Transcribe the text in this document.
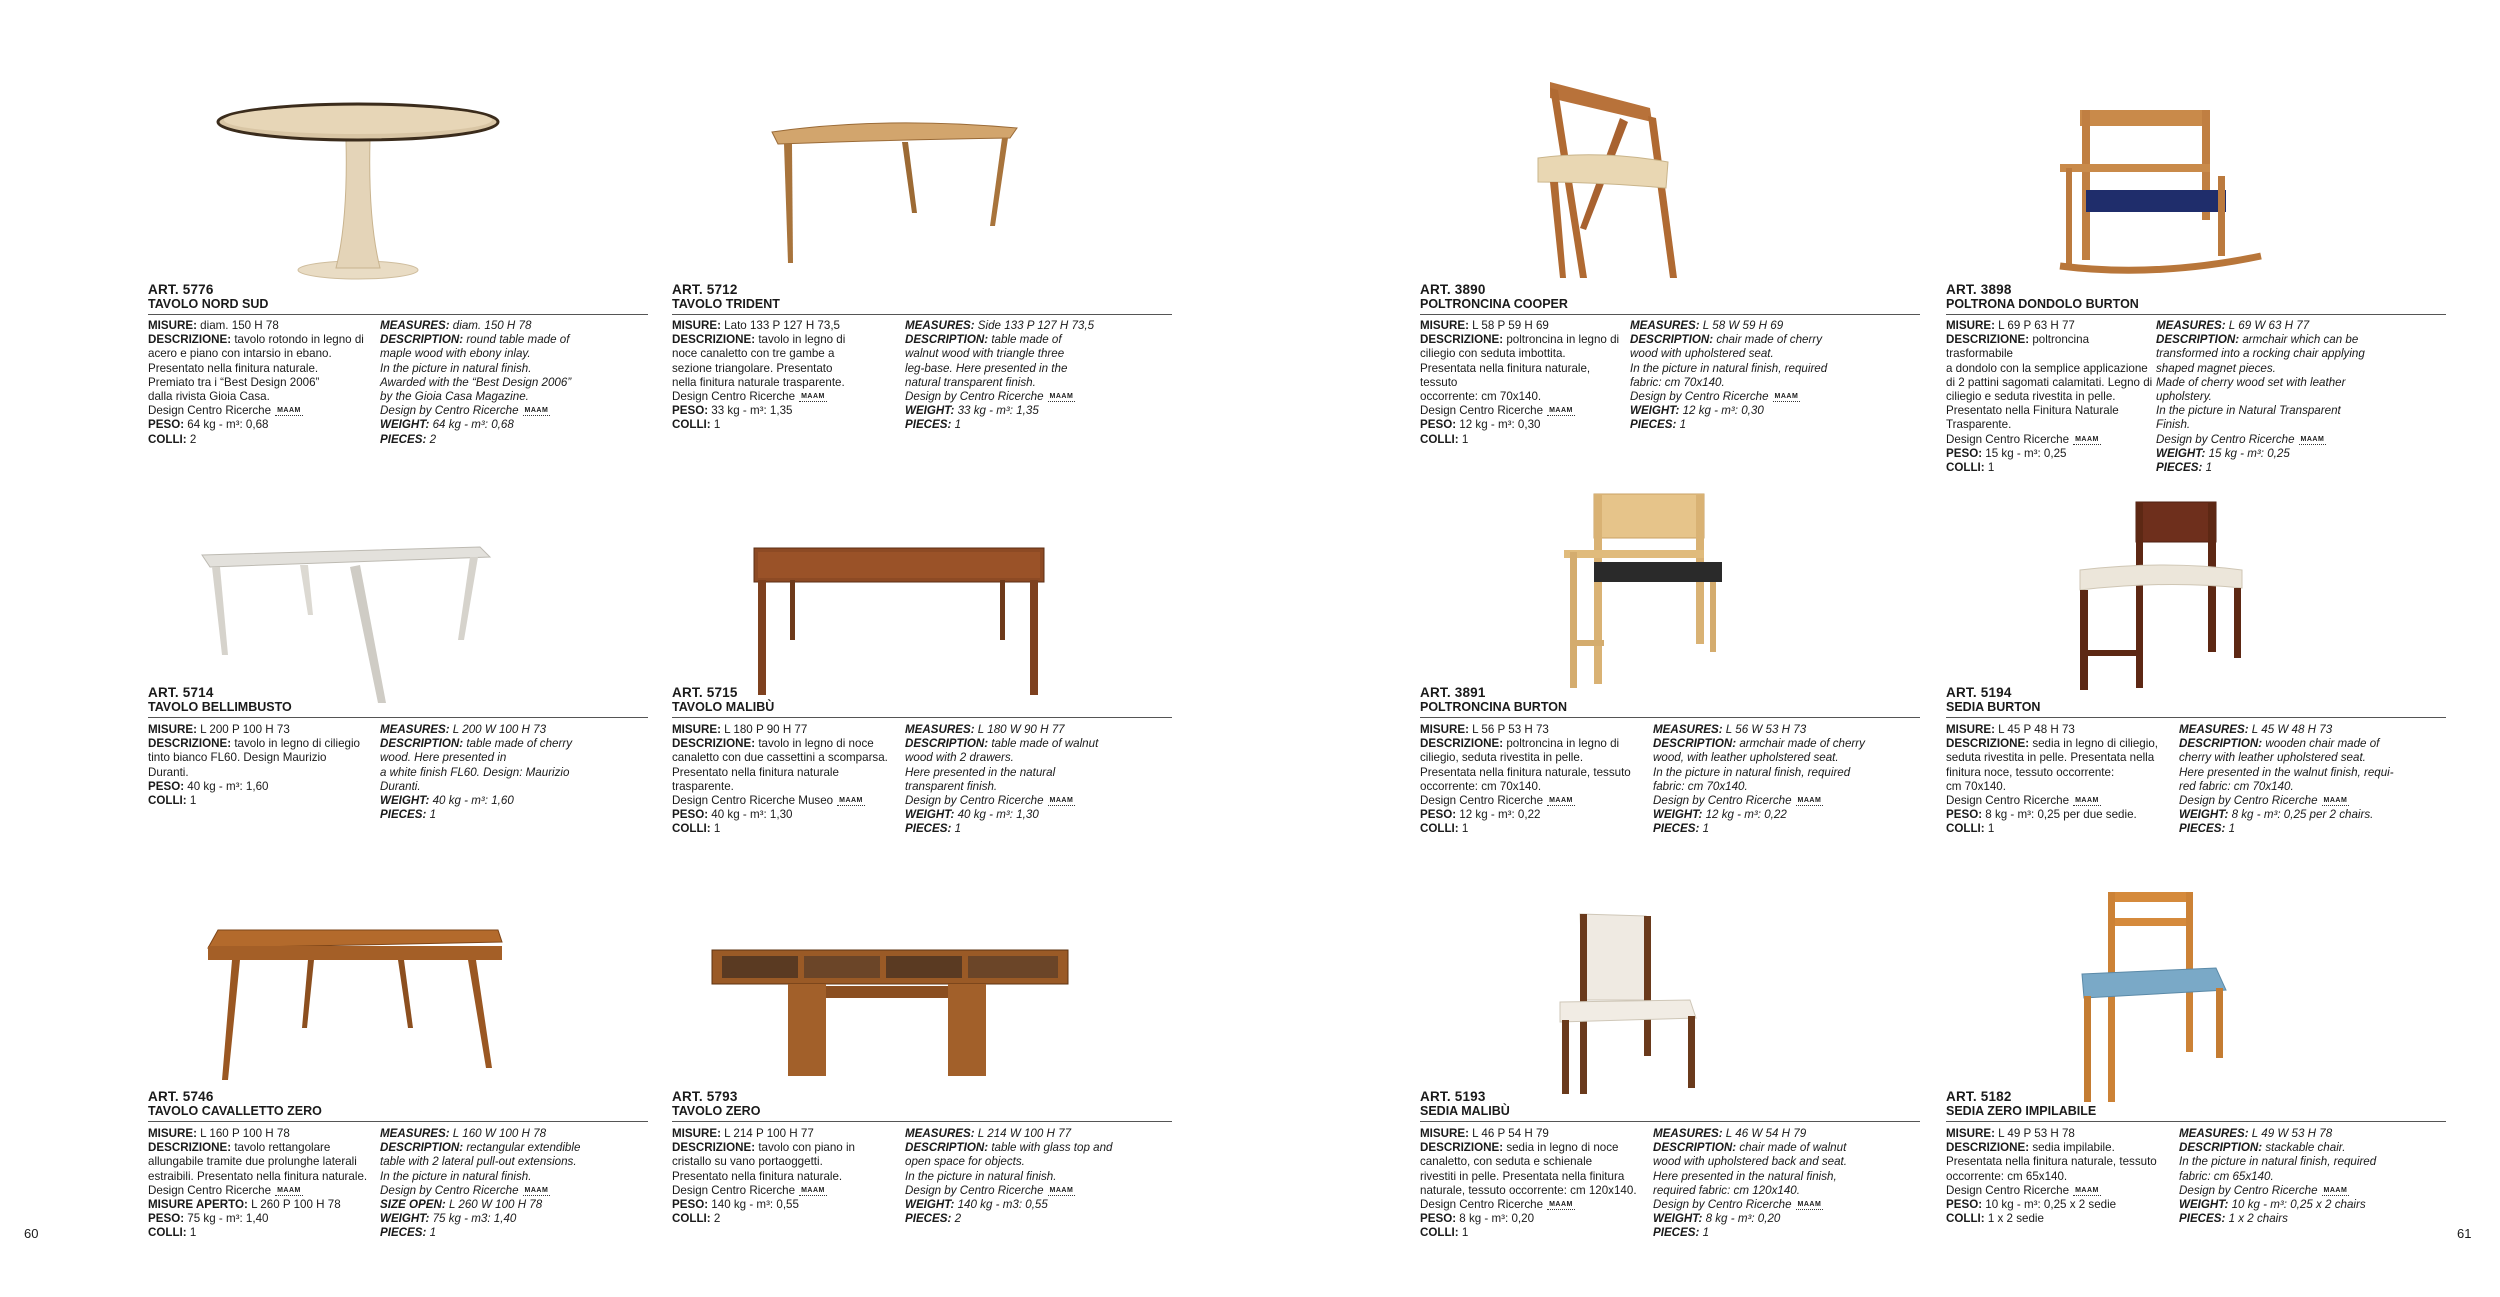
ART. 5776
TAVOLO NORD SUD
MISURE: diam. 150 H 78
DESCRIZIONE: tavolo rotondo in legno di
acero e piano con intarsio in ebano.
Presentato nella finitura naturale.
Premiato tra i “Best Design 2006”
dalla rivista Gioia Casa.
Design Centro Ricerche MAAM
PESO: 64 kg - m³: 0,68
COLLI: 2
MEASURES: diam. 150 H 78
DESCRIPTION: round table made of
maple wood with ebony inlay.
In the picture in natural finish.
Awarded with the “Best Design 2006”
by the Gioia Casa Magazine.
Design by Centro Ricerche MAAM
WEIGHT: 64 kg - m³: 0,68
PIECES: 2
ART. 5712
TAVOLO TRIDENT
MISURE: Lato 133 P 127 H 73,5
DESCRIZIONE: tavolo in legno di
noce canaletto con tre gambe a
sezione triangolare. Presentato
nella finitura naturale trasparente.
Design Centro Ricerche MAAM
PESO: 33 kg - m³: 1,35
COLLI: 1
MEASURES: Side 133 P 127 H 73,5
DESCRIPTION: table made of
walnut wood with triangle three
leg-base. Here presented in the
natural transparent finish.
Design by Centro Ricerche MAAM
WEIGHT: 33 kg - m³: 1,35
PIECES: 1
ART. 3890
POLTRONCINA COOPER
MISURE: L 58 P 59 H 69
DESCRIZIONE: poltroncina in legno di
ciliegio con seduta imbottita.
Presentata nella finitura naturale, tessuto
occorrente: cm 70x140.
Design Centro Ricerche MAAM
PESO: 12 kg - m³: 0,30
COLLI: 1
MEASURES: L 58 W 59 H 69
DESCRIPTION: chair made of cherry
wood with upholstered seat.
In the picture in natural finish, required
fabric: cm 70x140.
Design by Centro Ricerche MAAM
WEIGHT: 12 kg - m³: 0,30
PIECES: 1
ART. 3898
POLTRONA DONDOLO BURTON
MISURE: L 69 P 63 H 77
DESCRIZIONE: poltroncina trasformabile
a dondolo con la semplice applicazione
di 2 pattini sagomati calamitati. Legno di
ciliegio e seduta rivestita in pelle.
Presentato nella Finitura Naturale
Trasparente.
Design Centro Ricerche MAAM
PESO: 15 kg - m³: 0,25
COLLI: 1
MEASURES: L 69 W 63 H 77
DESCRIPTION: armchair which can be
transformed into a rocking chair applying
shaped magnet pieces.
Made of cherry wood set with leather
upholstery.
In the picture in Natural Transparent
Finish.
Design by Centro Ricerche MAAM
WEIGHT: 15 kg - m³: 0,25
PIECES: 1
ART. 5714
TAVOLO BELLIMBUSTO
MISURE: L 200 P 100 H 73
DESCRIZIONE: tavolo in legno di ciliegio
tinto bianco FL60. Design Maurizio
Duranti.
PESO: 40 kg - m³: 1,60
COLLI: 1
MEASURES: L 200 W 100 H 73
DESCRIPTION: table made of cherry
wood. Here presented in
a white finish FL60. Design: Maurizio
Duranti.
WEIGHT: 40 kg - m³: 1,60
PIECES: 1
ART. 5715
TAVOLO MALIBÙ
MISURE: L 180 P 90 H 77
DESCRIZIONE: tavolo in legno di noce
canaletto con due cassettini a scomparsa.
Presentato nella finitura naturale
trasparente.
Design Centro Ricerche Museo MAAM
PESO: 40 kg - m³: 1,30
COLLI: 1
MEASURES: L 180 W 90 H 77
DESCRIPTION: table made of walnut
wood with 2 drawers.
Here presented in the natural
transparent finish.
Design by Centro Ricerche MAAM
WEIGHT: 40 kg - m³: 1,30
PIECES: 1
ART. 3891
POLTRONCINA BURTON
MISURE: L 56 P 53 H 73
DESCRIZIONE: poltroncina in legno di
ciliegio, seduta rivestita in pelle.
Presentata nella finitura naturale, tessuto
occorrente: cm 70x140.
Design Centro Ricerche MAAM
PESO: 12 kg - m³: 0,22
COLLI: 1
MEASURES: L 56 W 53 H 73
DESCRIPTION: armchair made of cherry
wood, with leather upholstered seat.
In the picture in natural finish, required
fabric: cm 70x140.
Design by Centro Ricerche MAAM
WEIGHT: 12 kg - m³: 0,22
PIECES: 1
ART. 5194
SEDIA BURTON
MISURE: L 45 P 48 H 73
DESCRIZIONE: sedia in legno di ciliegio,
seduta rivestita in pelle. Presentata nella
finitura noce, tessuto occorrente:
cm 70x140.
Design Centro Ricerche MAAM
PESO: 8 kg - m³: 0,25 per due sedie.
COLLI: 1
MEASURES: L 45 W 48 H 73
DESCRIPTION: wooden chair made of
cherry with leather upholstered seat.
Here presented in the walnut finish, requi-
red fabric: cm 70x140.
Design by Centro Ricerche MAAM
WEIGHT: 8 kg - m³: 0,25 per 2 chairs.
PIECES: 1
ART. 5746
TAVOLO CAVALLETTO ZERO
MISURE: L 160 P 100 H 78
DESCRIZIONE: tavolo rettangolare
allungabile tramite due prolunghe laterali
estraibili. Presentato nella finitura naturale.
Design Centro Ricerche MAAM
MISURE APERTO: L 260 P 100 H 78
PESO: 75 kg - m³: 1,40
COLLI: 1
MEASURES: L 160 W 100 H 78
DESCRIPTION: rectangular extendible
table with 2 lateral pull-out extensions.
In the picture in natural finish.
Design by Centro Ricerche MAAM
SIZE OPEN: L 260 W 100 H 78
WEIGHT: 75 kg - m3: 1,40
PIECES: 1
ART. 5793
TAVOLO ZERO
MISURE: L 214 P 100 H 77
DESCRIZIONE: tavolo con piano in
cristallo su vano portaoggetti.
Presentato nella finitura naturale.
Design Centro Ricerche MAAM
PESO: 140 kg - m³: 0,55
COLLI: 2
MEASURES: L 214 W 100 H 77
DESCRIPTION: table with glass top and
open space for objects.
In the picture in natural finish.
Design by Centro Ricerche MAAM
WEIGHT: 140 kg - m3: 0,55
PIECES: 2
ART. 5193
SEDIA MALIBÙ
MISURE: L 46 P 54 H 79
DESCRIZIONE: sedia in legno di noce
canaletto, con seduta e schienale
rivestiti in pelle. Presentata nella finitura
naturale, tessuto occorrente: cm 120x140.
Design Centro Ricerche MAAM
PESO: 8 kg - m³: 0,20
COLLI: 1
MEASURES: L 46 W 54 H 79
DESCRIPTION: chair made of walnut
wood with upholstered back and seat.
Here presented in the natural finish,
required fabric: cm 120x140.
Design by Centro Ricerche MAAM
WEIGHT: 8 kg - m³: 0,20
PIECES: 1
ART. 5182
SEDIA ZERO IMPILABILE
MISURE: L 49 P 53 H 78
DESCRIZIONE: sedia impilabile.
Presentata nella finitura naturale, tessuto
occorrente: cm 65x140.
Design Centro Ricerche MAAM
PESO: 10 kg - m³: 0,25 x 2 sedie
COLLI: 1 x 2 sedie
MEASURES: L 49 W 53 H 78
DESCRIPTION: stackable chair.
In the picture in natural finish, required
fabric: cm 65x140.
Design by Centro Ricerche MAAM
WEIGHT: 10 kg - m³: 0,25 x 2 chairs
PIECES: 1 x 2 chairs
60	61
